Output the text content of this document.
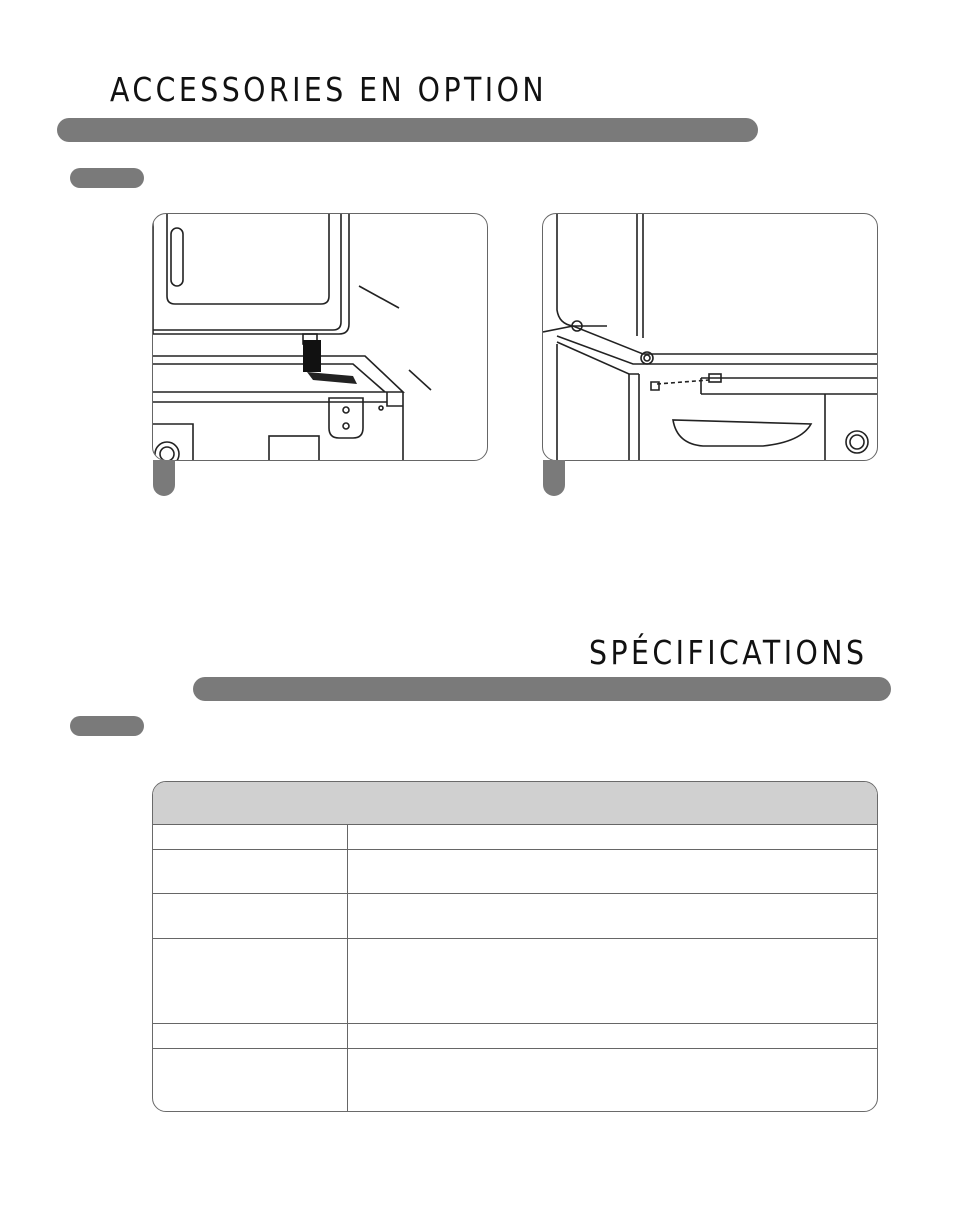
ACCESSORIES EN OPTION
SPÉCIFICATIONS
